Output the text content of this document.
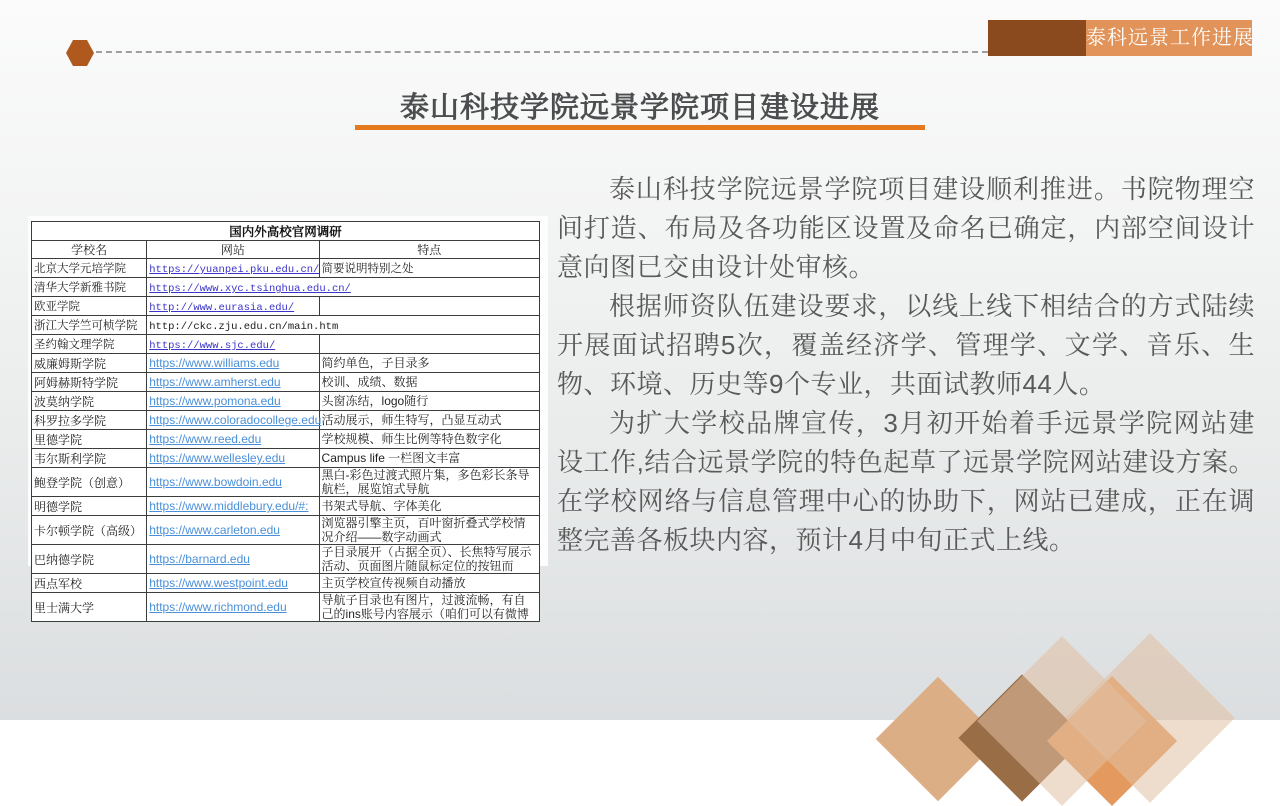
泰科远景工作进展
泰山科技学院远景学院项目建设进展
国内外高校官网调研		
学校名	网站	特点
北京大学元培学院	https://yuanpei.pku.edu.cn/	简要说明特别之处
清华大学新雅书院	https://www.xyc.tsinghua.edu.cn/	
欧亚学院	http://www.eurasia.edu/	
浙江大学竺可桢学院	http://ckc.zju.edu.cn/main.htm	
圣约翰文理学院	https://www.sjc.edu/	
威廉姆斯学院	https://www.williams.edu	简约单色，子目录多
阿姆赫斯特学院	https://www.amherst.edu	校训、成绩、数据
波莫纳学院	https://www.pomona.edu	头窗冻结，logo随行
科罗拉多学院	https://www.coloradocollege.edu	活动展示，师生特写，凸显互动式
里德学院	https://www.reed.edu	学校规模、师生比例等特色数字化
韦尔斯利学院	https://www.wellesley.edu	Campus life 一栏图文丰富
鲍登学院（创意）	https://www.bowdoin.edu	黑白-彩色过渡式照片集，多色彩长条导航栏，展览馆式导航
明德学院	https://www.middlebury.edu/#:	书架式导航、字体美化
卡尔顿学院（高级）	https://www.carleton.edu	浏览器引擎主页，百叶窗折叠式学校情况介绍——数字动画式
巴纳德学院	https://barnard.edu	子目录展开（占据全页）、长焦特写展示活动、页面图片随鼠标定位的按钮而
西点军校	https://www.westpoint.edu	主页学校宣传视频自动播放
里士满大学	https://www.richmond.edu	导航子目录也有图片，过渡流畅，有自己的ins账号内容展示（咱们可以有微博
泰山科技学院远景学院项目建设顺利推进。书院物理空
间打造、布局及各功能区设置及命名已确定，内部空间设计
意向图已交由设计处审核。
根据师资队伍建设要求，以线上线下相结合的方式陆续
开展面试招聘5次，覆盖经济学、管理学、文学、音乐、生
物、环境、历史等9个专业，共面试教师44人。
为扩大学校品牌宣传，3月初开始着手远景学院网站建
设工作,结合远景学院的特色起草了远景学院网站建设方案。
在学校网络与信息管理中心的协助下，网站已建成，正在调
整完善各板块内容，预计4月中旬正式上线。
